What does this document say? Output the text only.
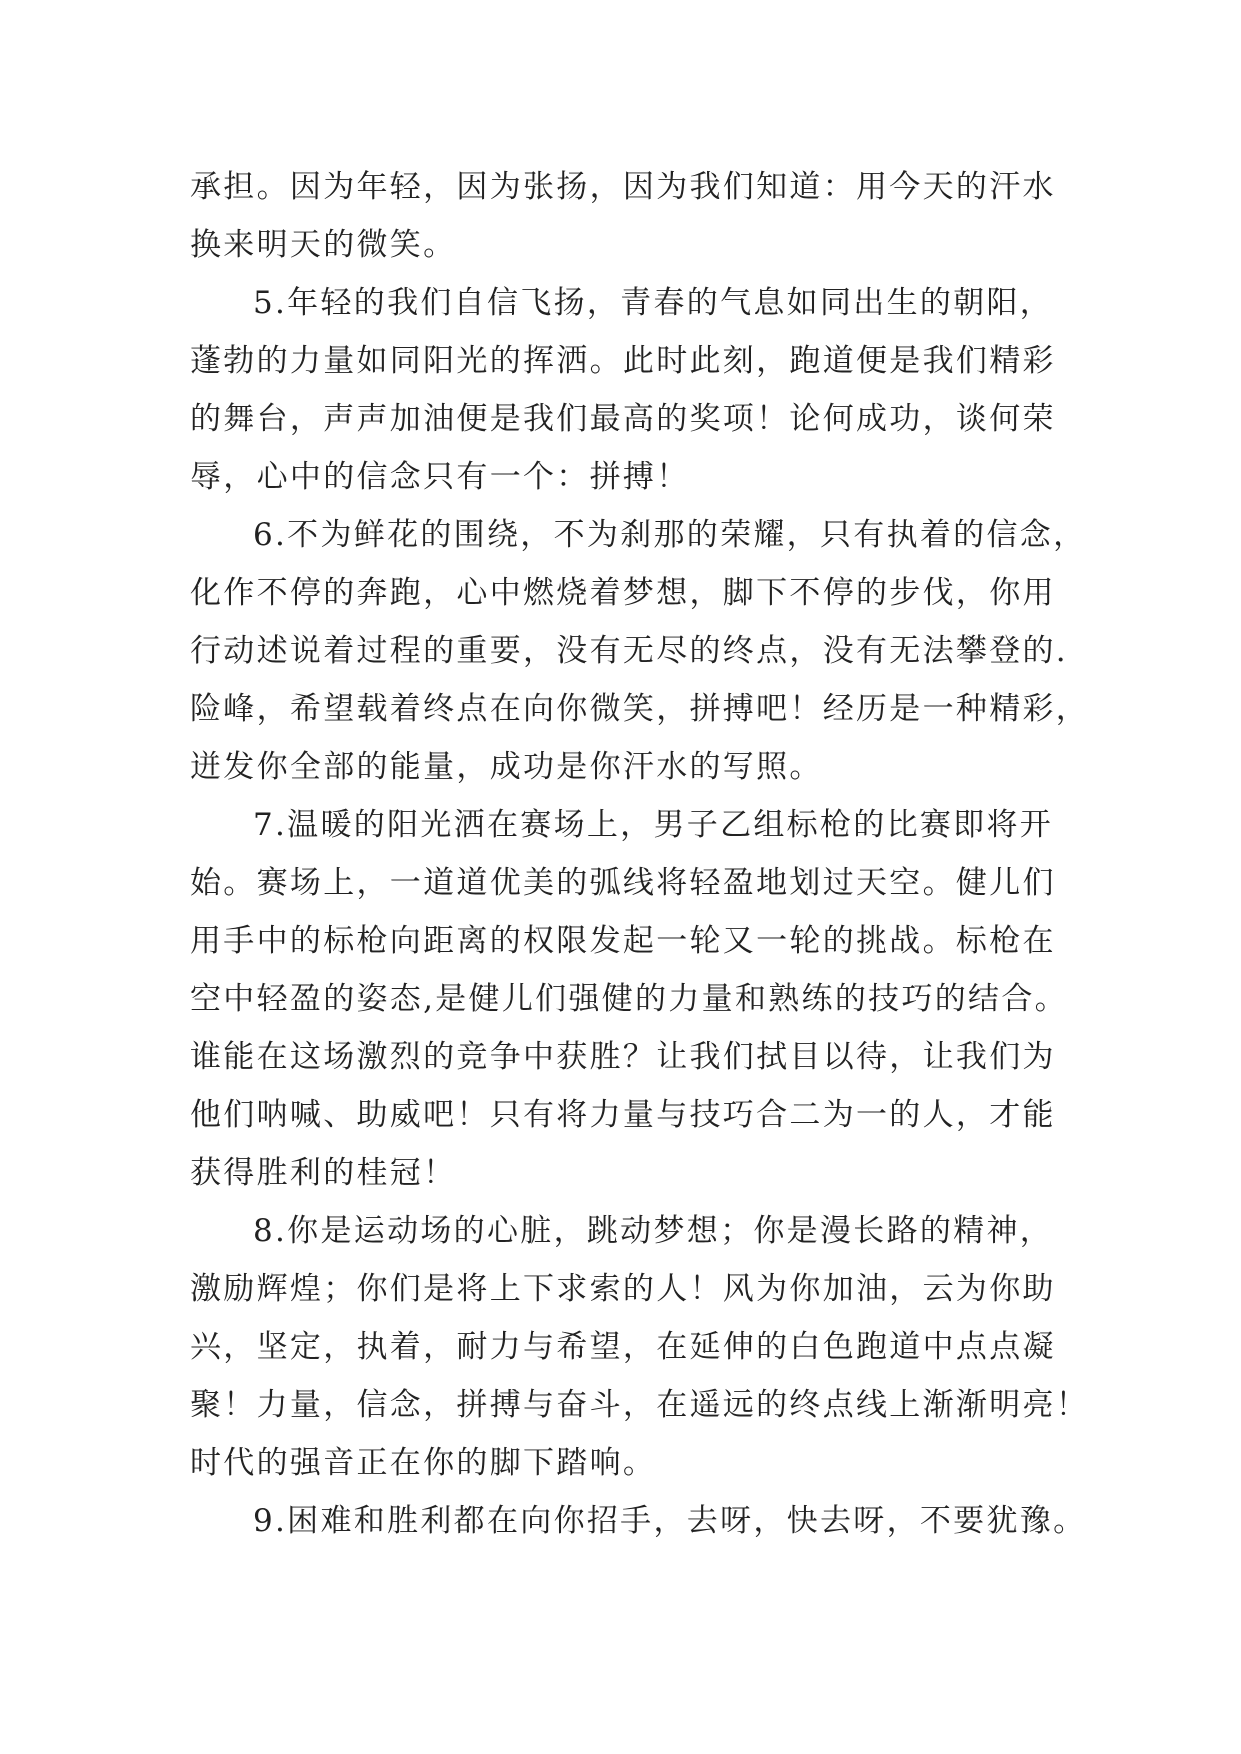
承担。因为年轻，因为张扬，因为我们知道：用今天的汗水
换来明天的微笑。
5.年轻的我们自信飞扬，青春的气息如同出生的朝阳，
蓬勃的力量如同阳光的挥洒。此时此刻，跑道便是我们精彩
的舞台，声声加油便是我们最高的奖项！论何成功，谈何荣
辱，心中的信念只有一个：拼搏！
6.不为鲜花的围绕，不为刹那的荣耀，只有执着的信念，
化作不停的奔跑，心中燃烧着梦想，脚下不停的步伐，你用
行动述说着过程的重要，没有无尽的终点，没有无法攀登的.
险峰，希望载着终点在向你微笑，拼搏吧！经历是一种精彩，
迸发你全部的能量，成功是你汗水的写照。
7.温暖的阳光洒在赛场上，男子乙组标枪的比赛即将开
始。赛场上，一道道优美的弧线将轻盈地划过天空。健儿们
用手中的标枪向距离的权限发起一轮又一轮的挑战。标枪在
空中轻盈的姿态,是健儿们强健的力量和熟练的技巧的结合。
谁能在这场激烈的竞争中获胜？让我们拭目以待，让我们为
他们呐喊、助威吧！只有将力量与技巧合二为一的人，才能
获得胜利的桂冠！
8.你是运动场的心脏，跳动梦想；你是漫长路的精神，
激励辉煌；你们是将上下求索的人！风为你加油，云为你助
兴，坚定，执着，耐力与希望，在延伸的白色跑道中点点凝
聚！力量，信念，拼搏与奋斗，在遥远的终点线上渐渐明亮！
时代的强音正在你的脚下踏响。
9.困难和胜利都在向你招手，去呀，快去呀，不要犹豫。
